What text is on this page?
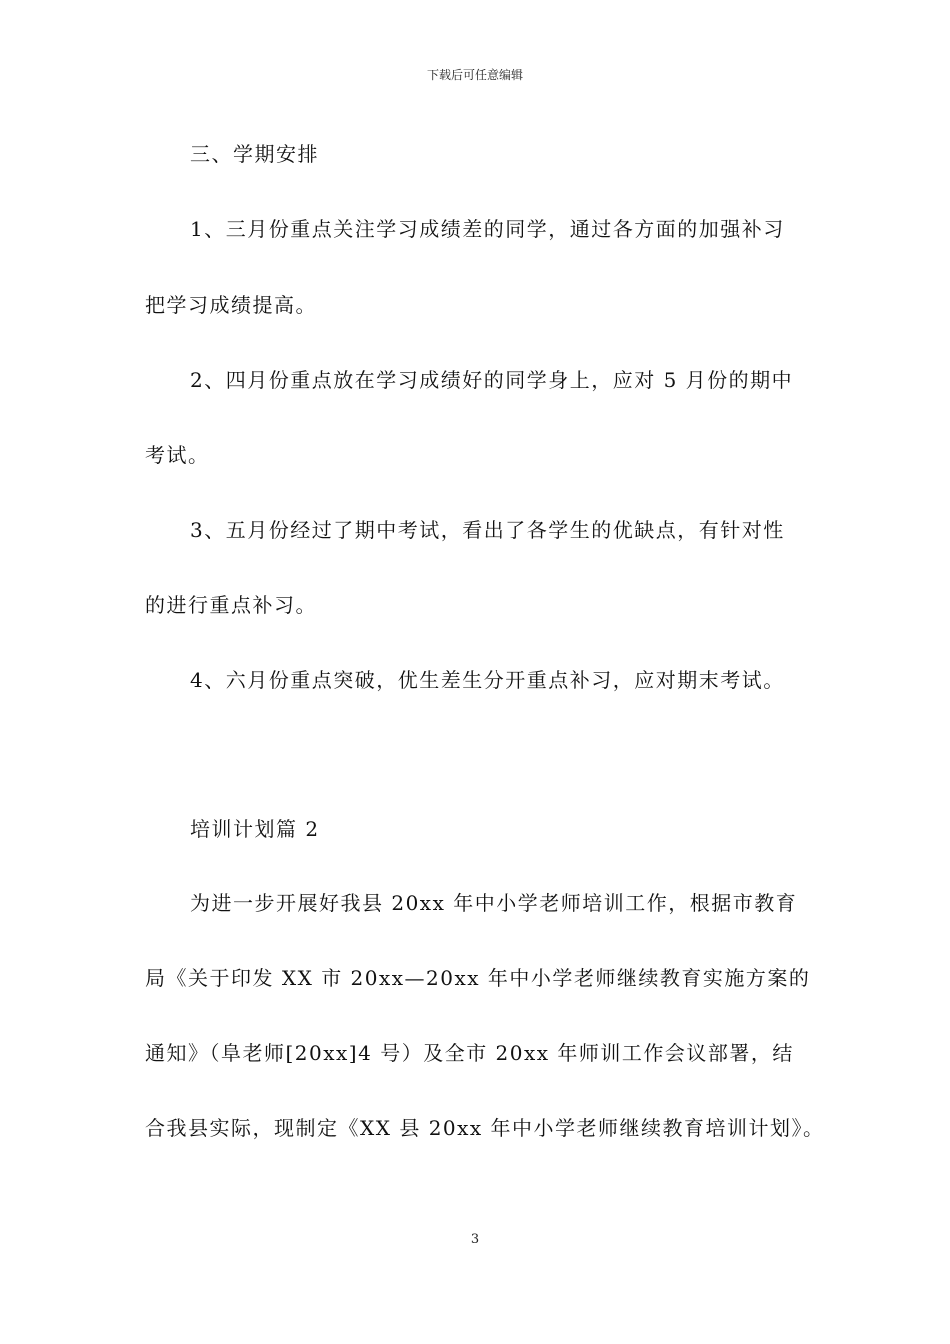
下载后可任意编辑
三、学期安排
1、三月份重点关注学习成绩差的同学，通过各方面的加强补习
把学习成绩提高。
2、四月份重点放在学习成绩好的同学身上，应对 5 月份的期中
考试。
3、五月份经过了期中考试，看出了各学生的优缺点，有针对性
的进行重点补习。
4、六月份重点突破，优生差生分开重点补习，应对期末考试。
培训计划篇 2
为进一步开展好我县 20xx 年中小学老师培训工作，根据市教育
局《关于印发 XX 市 20xx—20xx 年中小学老师继续教育实施方案的
通知》（阜老师[20xx]4 号）及全市 20xx 年师训工作会议部署，结
合我县实际，现制定《XX 县 20xx 年中小学老师继续教育培训计划》。
3
